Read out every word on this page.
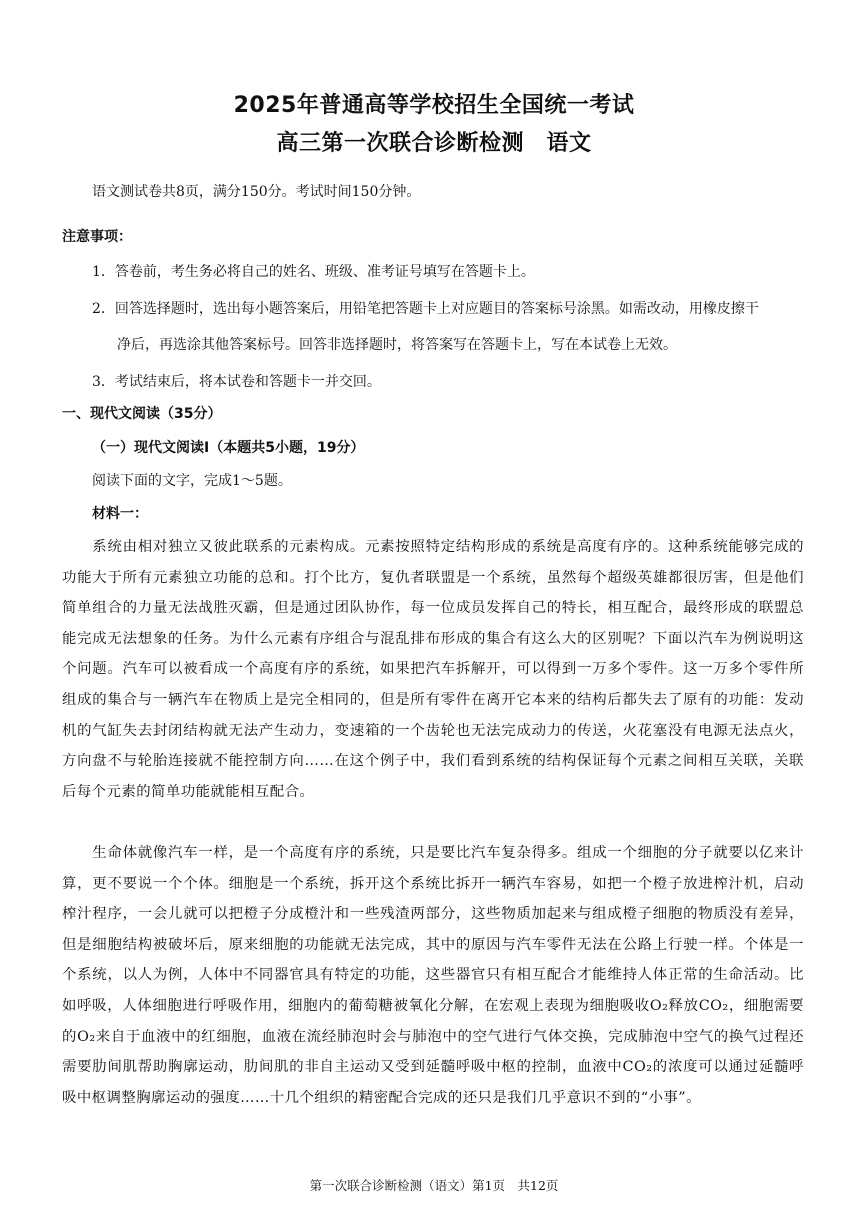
2025年普通高等学校招生全国统一考试
高三第一次联合诊断检测　语文
语文测试卷共8页，满分150分。考试时间150分钟。
注意事项：
1．答卷前，考生务必将自己的姓名、班级、准考证号填写在答题卡上。
2．回答选择题时，选出每小题答案后，用铅笔把答题卡上对应题目的答案标号涂黑。如需改动，用橡皮擦干
净后，再选涂其他答案标号。回答非选择题时，将答案写在答题卡上，写在本试卷上无效。
3．考试结束后，将本试卷和答题卡一并交回。
一、现代文阅读（35分）
（一）现代文阅读Ⅰ（本题共5小题，19分）
阅读下面的文字，完成1～5题。
材料一：
系统由相对独立又彼此联系的元素构成。元素按照特定结构形成的系统是高度有序的。这种系统能够完成的功能大于所有元素独立功能的总和。打个比方，复仇者联盟是一个系统，虽然每个超级英雄都很厉害，但是他们简单组合的力量无法战胜灭霸，但是通过团队协作，每一位成员发挥自己的特长，相互配合，最终形成的联盟总能完成无法想象的任务。为什么元素有序组合与混乱排布形成的集合有这么大的区别呢？下面以汽车为例说明这个问题。汽车可以被看成一个高度有序的系统，如果把汽车拆解开，可以得到一万多个零件。这一万多个零件所组成的集合与一辆汽车在物质上是完全相同的，但是所有零件在离开它本来的结构后都失去了原有的功能：发动机的气缸失去封闭结构就无法产生动力，变速箱的一个齿轮也无法完成动力的传送，火花塞没有电源无法点火，方向盘不与轮胎连接就不能控制方向……在这个例子中，我们看到系统的结构保证每个元素之间相互关联，关联后每个元素的简单功能就能相互配合。
生命体就像汽车一样，是一个高度有序的系统，只是要比汽车复杂得多。组成一个细胞的分子就要以亿来计算，更不要说一个个体。细胞是一个系统，拆开这个系统比拆开一辆汽车容易，如把一个橙子放进榨汁机，启动榨汁程序，一会儿就可以把橙子分成橙汁和一些残渣两部分，这些物质加起来与组成橙子细胞的物质没有差异，但是细胞结构被破坏后，原来细胞的功能就无法完成，其中的原因与汽车零件无法在公路上行驶一样。个体是一个系统，以人为例，人体中不同器官具有特定的功能，这些器官只有相互配合才能维持人体正常的生命活动。比如呼吸，人体细胞进行呼吸作用，细胞内的葡萄糖被氧化分解，在宏观上表现为细胞吸收O₂释放CO₂，细胞需要的O₂来自于血液中的红细胞，血液在流经肺泡时会与肺泡中的空气进行气体交换，完成肺泡中空气的换气过程还需要肋间肌帮助胸廓运动，肋间肌的非自主运动又受到延髓呼吸中枢的控制，血液中CO₂的浓度可以通过延髓呼吸中枢调整胸廓运动的强度……十几个组织的精密配合完成的还只是我们几乎意识不到的“小事”。
第一次联合诊断检测（语文）第1页　共12页
